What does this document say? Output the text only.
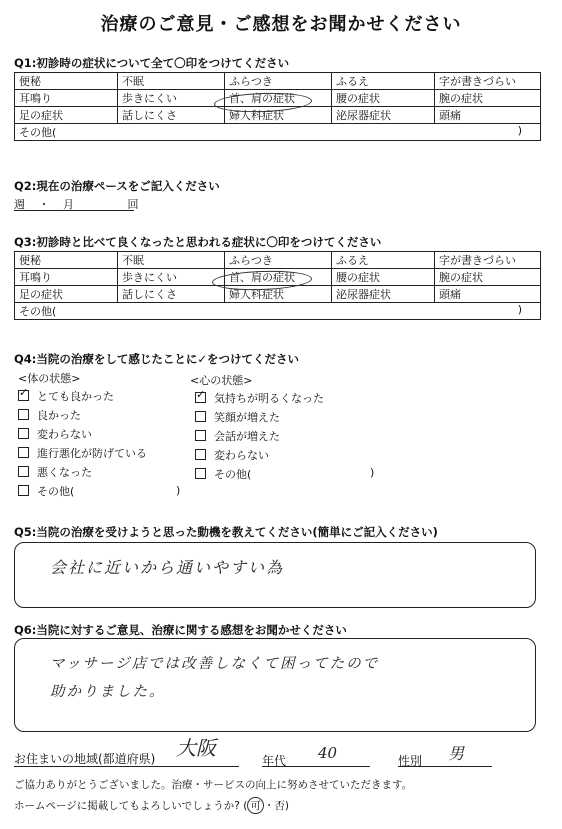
治療のご意見・ご感想をお聞かせください
Q1:初診時の症状について全て〇印をつけてください
便秘	不眠	ふらつき	ふるえ	字が書きづらい
耳鳴り	歩きにくい	首、肩の症状	腰の症状	腕の症状
足の症状	話しにくさ	婦人科症状	泌尿器症状	頭痛
その他( )				
Q2:現在の治療ペースをご記入ください
週 ・ 月	回
Q3:初診時と比べて良くなったと思われる症状に〇印をつけてください
便秘	不眠	ふらつき	ふるえ	字が書きづらい
耳鳴り	歩きにくい	首、肩の症状	腰の症状	腕の症状
足の症状	話しにくさ	婦人科症状	泌尿器症状	頭痛
その他( )				
Q4:当院の治療をして感じたことに✓をつけてください
<体の状態>	<心の状態>
✓とても良かった
良かった
変わらない
進行悪化が防げている
悪くなった
その他(
✓気持ちが明るくなった
笑顔が増えた
会話が増えた
変わらない
その他(
)
)
Q5:当院の治療を受けようと思った動機を教えてください(簡単にご記入ください)
会社に近いから通いやすい為
Q6:当院に対するご意見、治療に関する感想をお聞かせください
マッサージ店では改善しなくて困ってたので
助かりました。
お住まいの地域(都道府県) 大阪
年代 40	性別 男
ご協力ありがとうございました。治療・サービスの向上に努めさせていただきます。
ホームページに掲載してもよろしいでしょうか? ( 可 ・否)
